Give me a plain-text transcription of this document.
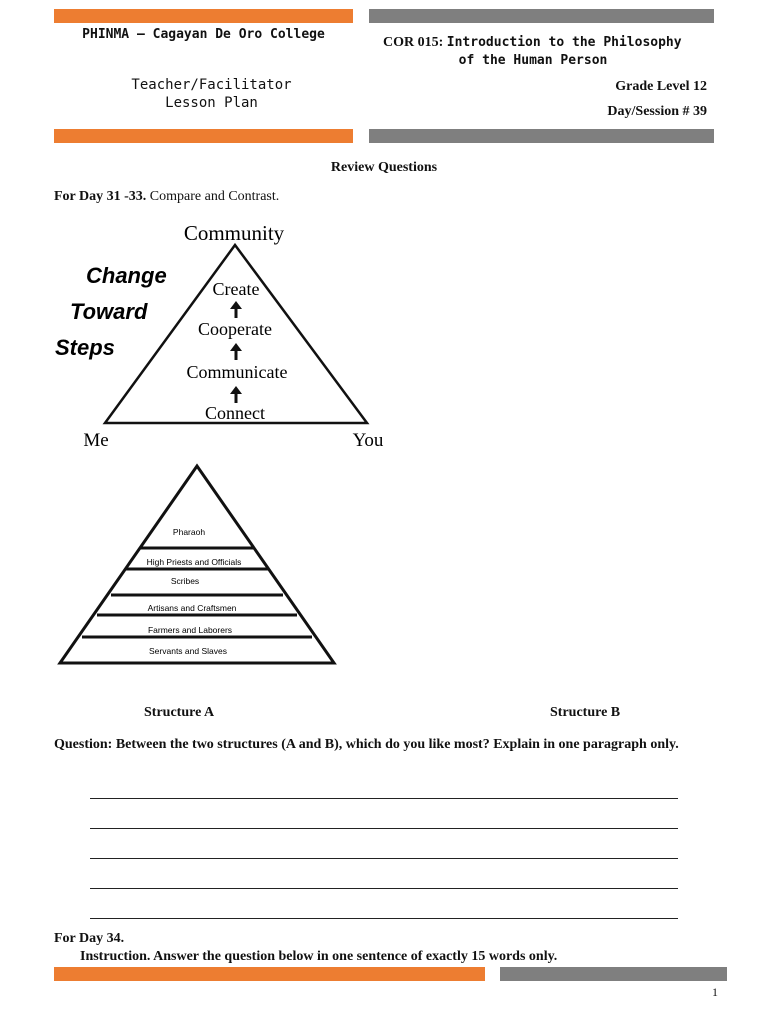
PHINMA – Cagayan De Oro College
Teacher/Facilitator
Lesson Plan
COR 015: Introduction to the Philosophy
of the Human Person
Grade Level 12
Day/Session # 39
Review Questions
For Day 31 -33. Compare and Contrast.
Community
Me	You
Change
Toward
Steps
Create
Cooperate
Communicate
Connect
Pharaoh
High Priests and Officials
Scribes
Artisans and Craftsmen
Farmers and Laborers
Servants and Slaves
Structure A	Structure B
Question: Between the two structures (A and B), which do you like most? Explain in one paragraph only.
For Day 34.
Instruction. Answer the question below in one sentence of exactly 15 words only.
1
